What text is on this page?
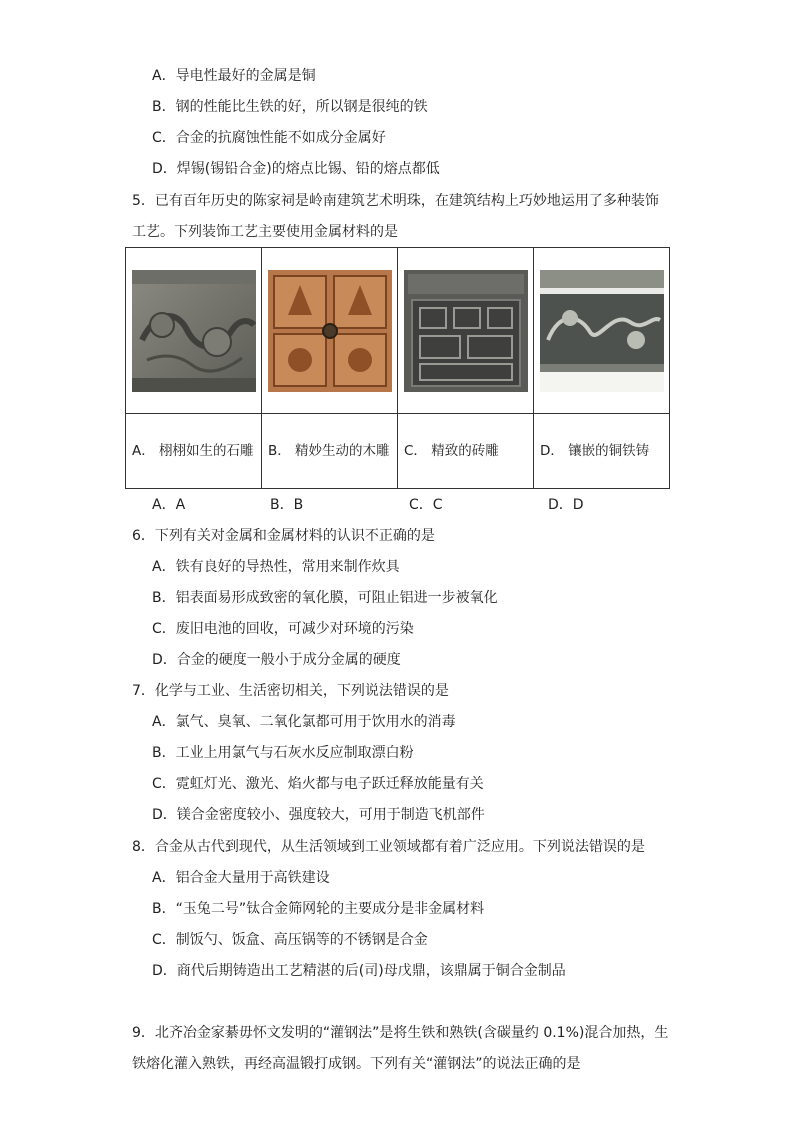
A．导电性最好的金属是铜
B．钢的性能比生铁的好，所以钢是很纯的铁
C．合金的抗腐蚀性能不如成分金属好
D．焊锡(锡铅合金)的熔点比锡、铅的熔点都低
5．已有百年历史的陈家祠是岭南建筑艺术明珠，在建筑结构上巧妙地运用了多种装饰
工艺。下列装饰工艺主要使用金属材料的是

A． 栩栩如生的石雕	B． 精妙生动的木雕	C． 精致的砖雕	D． 镶嵌的铜铁铸
A．A	B．B	C．C	D．D
6．下列有关对金属和金属材料的认识不正确的是
A．铁有良好的导热性，常用来制作炊具
B．铝表面易形成致密的氧化膜，可阻止铝进一步被氧化
C．废旧电池的回收，可减少对环境的污染
D．合金的硬度一般小于成分金属的硬度
7．化学与工业、生活密切相关，下列说法错误的是
A．氯气、臭氧、二氧化氯都可用于饮用水的消毒
B．工业上用氯气与石灰水反应制取漂白粉
C．霓虹灯光、激光、焰火都与电子跃迁释放能量有关
D．镁合金密度较小、强度较大，可用于制造飞机部件
8．合金从古代到现代，从生活领域到工业领域都有着广泛应用。下列说法错误的是
A．铝合金大量用于高铁建设
B．“玉兔二号”钛合金筛网轮的主要成分是非金属材料
C．制饭勺、饭盒、高压锅等的不锈钢是合金
D．商代后期铸造出工艺精湛的后(司)母戊鼎，该鼎属于铜合金制品
9．北齐冶金家綦毋怀文发明的“灌钢法”是将生铁和熟铁(含碳量约 0.1%)混合加热，生
铁熔化灌入熟铁，再经高温锻打成钢。下列有关“灌钢法”的说法正确的是
